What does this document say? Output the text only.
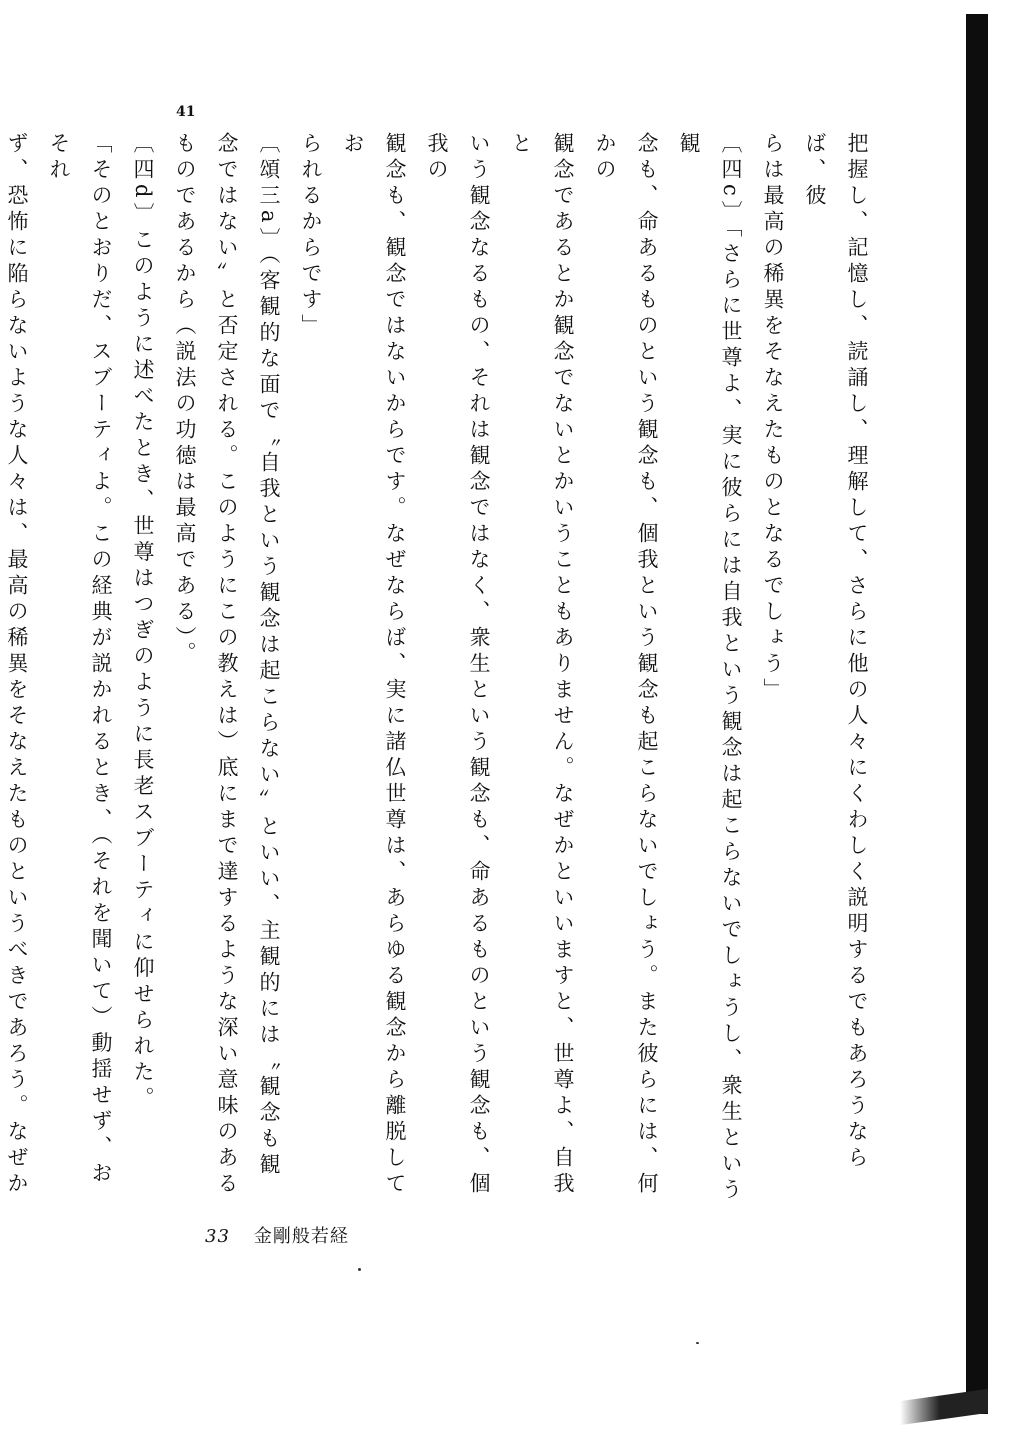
41

把握し、記憶し、読誦し、理解して、さらに他の人々にくわしく説明するでもあろうならば、彼

らは最高の稀異をそなえたものとなるでしょう」

〔四c〕「さらに世尊よ、実に彼らには自我という観念は起こらないでしょうし、衆生という観

念も、命あるものという観念も、個我という観念も起こらないでしょう。また彼らには、何かの

観念であるとか観念でないとかいうこともありません。なぜかといいますと、世尊よ、自我と

いう観念なるもの、それは観念ではなく、衆生という観念も、命あるものという観念も、個我の

観念も、観念ではないからです。なぜならば、実に諸仏世尊は、あらゆる観念から離脱してお

られるからです」

〔頌三a〕（客観的な面で〝自我という観念は起こらない〟といい、主観的には〝観念も観

念ではない〟と否定される。このようにこの教えは）底にまで達するような深い意味のある

ものであるから（説法の功徳は最高である）。

〔四d〕このように述べたとき、世尊はつぎのように長老スブーティに仰せられた。

「そのとおりだ、スブーティよ。この経典が説かれるとき、（それを聞いて）動揺せず、おそれ

ず、恐怖に陥らないような人々は、最高の稀異をそなえたものというべきであろう。なぜか

33 金剛般若経
